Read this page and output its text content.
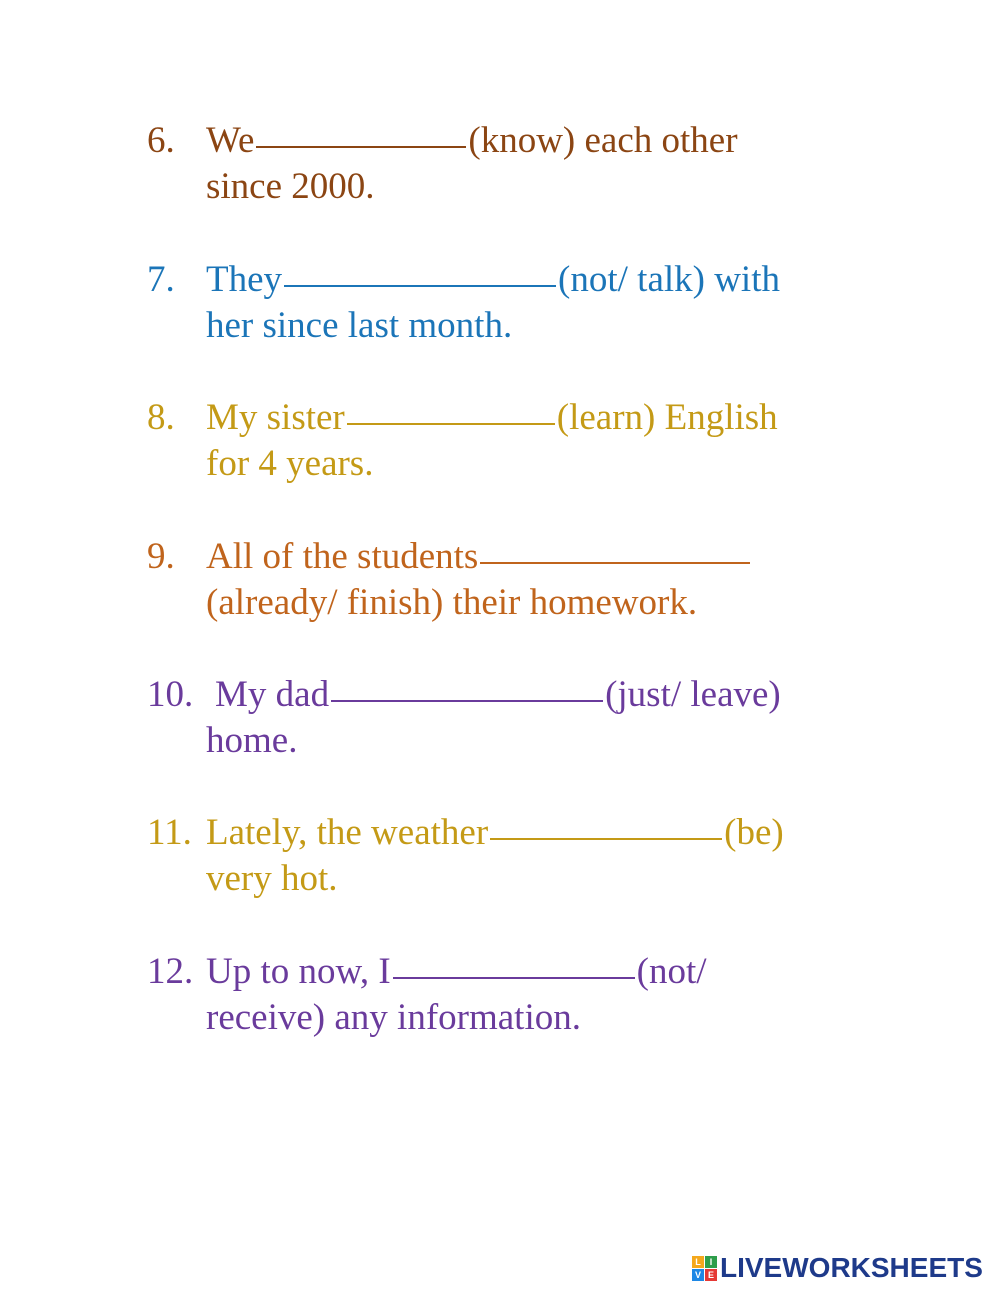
6. We	(know) each other
since 2000.
7. They	(not/ talk) with
her since last month.
8. My sister	(learn) English
for 4 years.
9. All of the students
(already/ finish) their homework.
10. My dad	(just/ leave)
home.
11. Lately, the weather	(be)
very hot.
12. Up to now, I	(not/
receive) any information.
L I
V E LIVEWORKSHEETS
